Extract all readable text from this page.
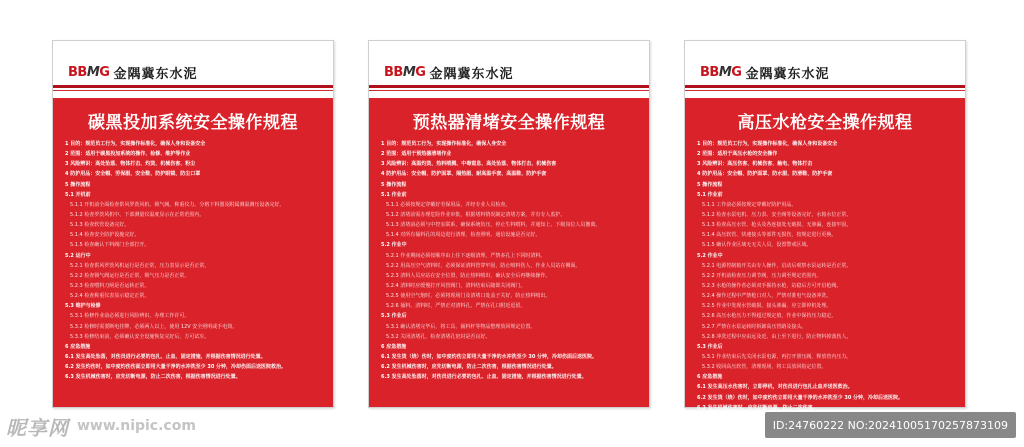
BBMG 金隅冀东水泥
碳黑投加系统安全操作规程
1 目的：规范员工行为，实现操作标准化，确保人身和设备安全
2 范围：适用于碳黑投加系统的操作、检修、维护等作业
3 风险辨识：高处坠落、物体打击、灼烫、机械伤害、粉尘
4 防护用品：安全帽、劳保服、安全鞋、防护眼镜、防尘口罩
5 操作流程
5.1 开机前
5.1.1 开机前全面检查供风罗茨风机、锁气阀、称重仪力、分格下料器及附属测温测压设备完好。
5.1.2 检查罗茨风机中、下部测量仪温度显示在正常范围内。
5.1.3 检查软管设备完好。
5.1.4 检查安全防护设施完好。
5.1.5 检查确认下料阀门全部打开。
5.2 运行中
5.2.1 检查供风罗茨风机运行是否正常，压力表显示是否正常。
5.2.2 检查锁气阀运行是否正常，锁气压力是否正常。
5.2.3 检查喂料刀闸是否运转正常。
5.2.4 检查称重仪表显示稳定正常。
5.3 维护与检修
5.3.1 检修作业前必须进行风险辨识，办理工作许可。
5.3.2 检修时需要断电挂牌，必须两人以上，使用 12V 安全照明或手电筒。
5.3.3 检修结束前，必须确认安全设施恢复完好后，方可试车。
6 应急措施
6.1 发生高处坠落，对伤员进行必要的包扎、止血、固定措施，并根据伤害情况进行处置。
6.2 发生灼伤时，如中度灼伤伤面立即用大量干净的水冲洗至少 30 分钟，冷却伤面后送医院救治。
6.3 发生机械伤害时，应先切断电源，防止二次伤害，根据伤害情况进行处置。
BBMG 金隅冀东水泥
预热器清堵安全操作规程
1 目的：规范员工行为，实现操作标准化，确保人身安全
2 范围：适用于预热器清堵作业
3 风险辨识：高温灼烫、热料喷溅、中毒窒息、高处坠落、物体打击、机械伤害
4 防护用品：安全帽、防护面罩、隔热服、耐高温手套、高温鞋、防护手套
5 操作流程
5.1 作业前
5.1.1 必须按规定穿戴好劳保用品，并经专业人员检查。
5.1.2 清堵前需办理危险作业审批，根据堵料情况制定清堵方案，并有专人监护。
5.1.3 清堵前必须与中控室联系，确保系统负压，停止生料喂料，并通知上、下级岗位人员撤离。
5.1.4 对所有捅料孔的周边进行清理，检查照明、通信设施是否完好。
5.2 作业中
5.2.1 作业期间必须按顺序由上往下逐级清理，严禁多孔上下同时清料。
5.2.2 用高压空气清料时，必须保证清料管穿牢固，防止喷料伤人，作业人员站在侧面。
5.2.3 清料人员应站在安全位置，防止热料喷出，确认安全后再继续操作。
5.2.4 清料时应缓慢打开风管阀门，清料结束后随即关闭阀门。
5.2.5 使用空气炮时，必须将现场门及清堵口处盖子关好，防止热料喷出。
5.2.6 捅料、清料时，严禁正对清料孔，严禁在孔口附近逗留。
5.3 作业后
5.3.1 确认清堵完毕后，将工具、捅料杆等物品整理放回规定位置。
5.3.2 关闭清堵孔，检查清堵孔密封是否良好。
6 应急措施
6.1 发生烫（烧）伤时，如中度灼伤立即用大量干净的水冲洗至少 30 分钟，冷却伤面后送医院。
6.2 发生机械伤害时，应先切断电源，防止二次伤害，根据伤害情况进行处置。
6.3 发生高处坠落时，对伤员进行必要的包扎、止血、固定措施，并根据伤害情况进行处置。
BBMG 金隅冀东水泥
高压水枪安全操作规程
1 目的：规范员工行为，实现操作标准化，确保人身和设备安全
2 范围：适用于高压水枪的安全操作
3 风险辨识：高压伤害、机械伤害、触电、物体打击
4 防护用品：安全帽、防护面罩、防水服、防滑鞋、防护手套
5 操作流程
5.1 作业前
5.1.1 工作前必须按规定穿戴好防护用品。
5.1.2 检查水泵电机、压力表、安全阀等设备完好，水箱水位正常。
5.1.3 检查高压水管、枪头及各连接处无破损、无渗漏，连接牢固。
5.1.4 高压软管、快速接头等部件无损伤，按规定进行更换。
5.1.5 确认作业区域无无关人员，设置警戒区域。
5.2 作业中
5.2.1 电源控制箱开关由专人操作，启动后观察水泵运转是否正常。
5.2.2 开机前检查压力调节阀，压力调至规定范围内。
5.2.3 水枪的操作者必须双手握持水枪，站稳后方可开启枪阀。
5.2.4 操作过程中严禁枪口对人，严禁对准电气设备冲洗。
5.2.5 作业中发现水管破损、接头渗漏，应立即停机处理。
5.2.6 高压水枪压力不得超过规定值，作业中保持压力稳定。
5.2.7 严禁在水泵运转时拆卸高压管路及接头。
5.2.8 冲洗过程中应由远及近、由上至下进行，防止物料掉落伤人。
5.3 作业后
5.3.1 作业结束后先关闭水泵电源，再打开泄压阀，释放管内压力。
5.3.2 收回高压软管，清理现场，将工具放回指定位置。
6 应急措施
6.1 发生高压水伤害时，立即停机，对伤员进行包扎止血并送医救治。
6.2 发生烫（烧）伤时，如中度灼伤立即用大量干净的水冲洗至少 30 分钟，冷却后送医院。
6.3 发生机械伤害时，应先切断电源，防止二次伤害。
昵享网 www.nipic.com	ID:24760222 NO:20241005170257873109
